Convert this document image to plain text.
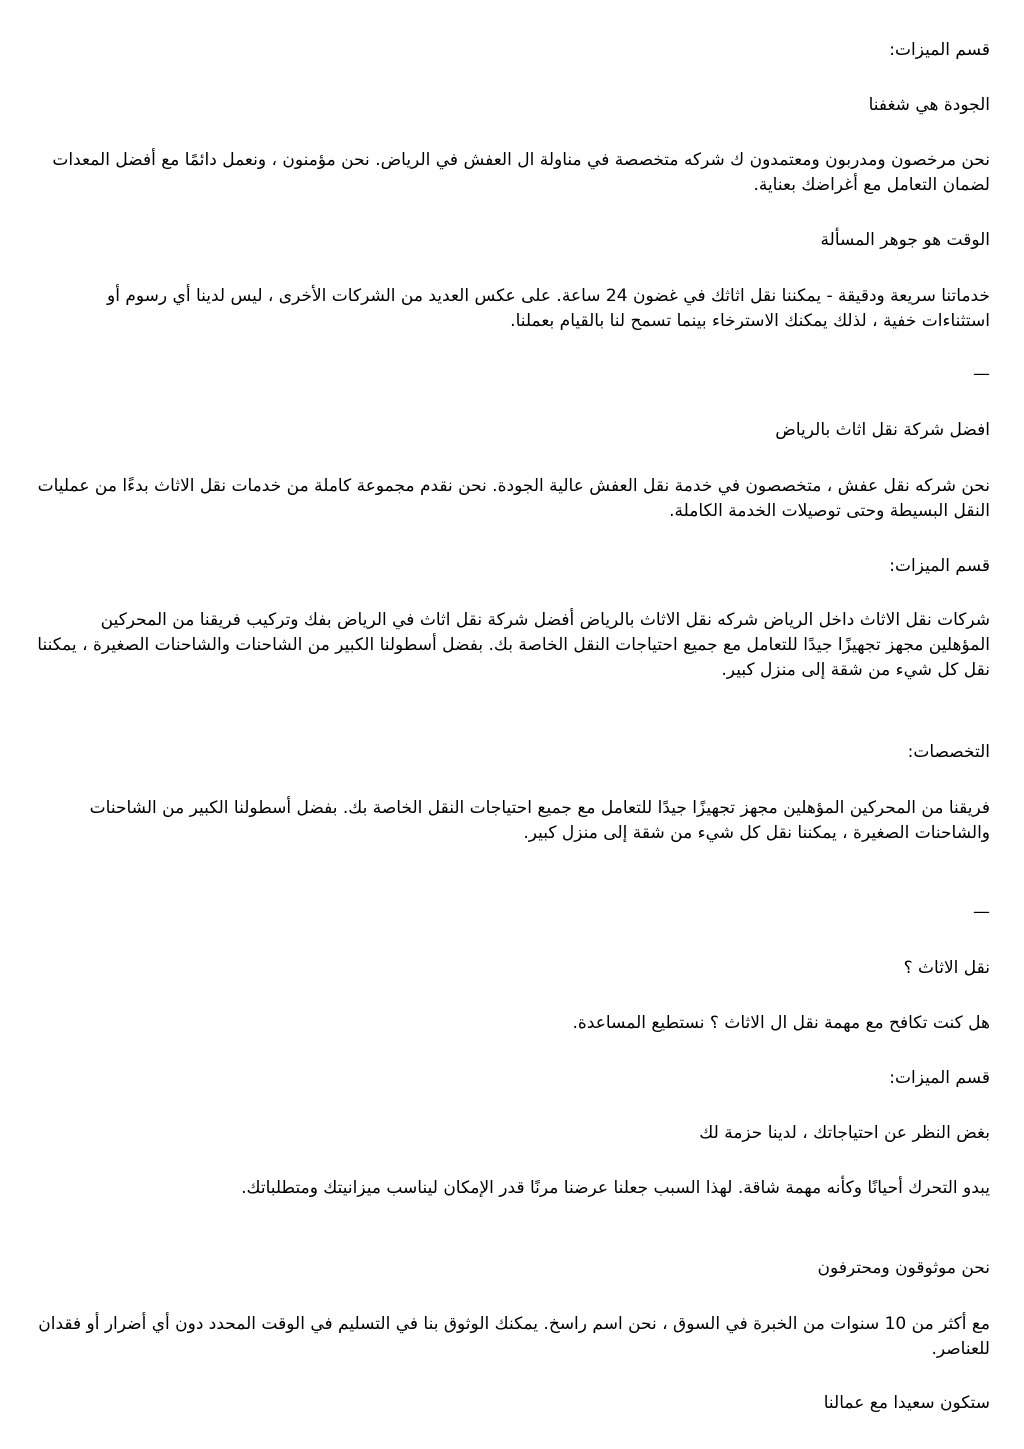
قسم الميزات:

الجودة هي شغفنا

نحن مرخصون ومدربون ومعتمدون ك شركه متخصصة في مناولة ال العفش في الرياض. نحن مؤمنون ، ونعمل دائمًا مع أفضل المعدات لضمان التعامل مع أغراضك بعناية.

الوقت هو جوهر المسألة

خدماتنا سريعة ودقيقة - يمكننا نقل اثاثك في غضون 24 ساعة. على عكس العديد من الشركات الأخرى ، ليس لدينا أي رسوم أو استثناءات خفية ، لذلك يمكنك الاسترخاء بينما تسمح لنا بالقيام بعملنا.

—

افضل شركة نقل اثاث بالرياض

نحن شركه نقل عفش ، متخصصون في خدمة نقل العفش عالية الجودة. نحن نقدم مجموعة كاملة من خدمات نقل الاثاث بدءًا من عمليات النقل البسيطة وحتى توصيلات الخدمة الكاملة.

قسم الميزات:

شركات نقل الاثاث داخل الرياض شركه نقل الاثاث بالرياض أفضل شركة نقل اثاث في الرياض بفك وتركيب فريقنا من المحركين المؤهلين مجهز تجهيزًا جيدًا للتعامل مع جميع احتياجات النقل الخاصة بك. بفضل أسطولنا الكبير من الشاحنات والشاحنات الصغيرة ، يمكننا نقل كل شيء من شقة إلى منزل كبير.

التخصصات:

فريقنا من المحركين المؤهلين مجهز تجهيزًا جيدًا للتعامل مع جميع احتياجات النقل الخاصة بك. بفضل أسطولنا الكبير من الشاحنات والشاحنات الصغيرة ، يمكننا نقل كل شيء من شقة إلى منزل كبير.

—

نقل الاثاث ؟

هل كنت تكافح مع مهمة نقل ال الاثاث ؟ نستطيع المساعدة.

قسم الميزات:

بغض النظر عن احتياجاتك ، لدينا حزمة لك

يبدو التحرك أحيانًا وكأنه مهمة شاقة. لهذا السبب جعلنا عرضنا مرنًا قدر الإمكان ليناسب ميزانيتك ومتطلباتك.

نحن موثوقون ومحترفون

مع أكثر من 10 سنوات من الخبرة في السوق ، نحن اسم راسخ. يمكنك الوثوق بنا في التسليم في الوقت المحدد دون أي أضرار أو فقدان للعناصر.

ستكون سعيدا مع عمالنا
